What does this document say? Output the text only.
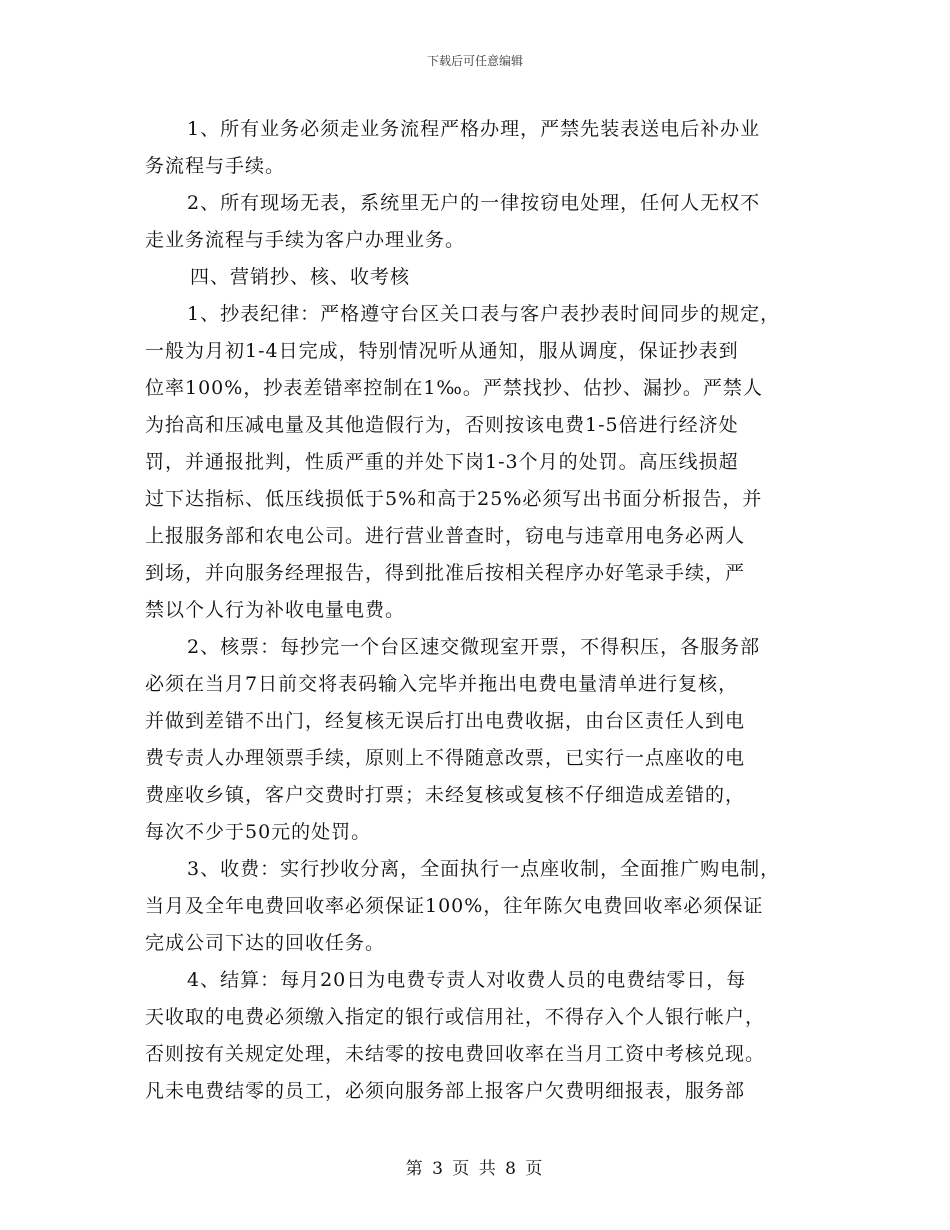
下载后可任意编辑
1、所有业务必须走业务流程严格办理，严禁先装表送电后补办业
务流程与手续。
2、所有现场无表，系统里无户的一律按窃电处理，任何人无权不
走业务流程与手续为客户办理业务。
四、营销抄、核、收考核
1、抄表纪律：严格遵守台区关口表与客户表抄表时间同步的规定，
一般为月初1-4日完成，特别情况听从通知，服从调度，保证抄表到
位率100%，抄表差错率控制在1‰。严禁找抄、估抄、漏抄。严禁人
为抬高和压减电量及其他造假行为，否则按该电费1-5倍进行经济处
罚，并通报批判，性质严重的并处下岗1-3个月的处罚。高压线损超
过下达指标、低压线损低于5%和高于25%必须写出书面分析报告，并
上报服务部和农电公司。进行营业普查时，窃电与违章用电务必两人
到场，并向服务经理报告，得到批准后按相关程序办好笔录手续，严
禁以个人行为补收电量电费。
2、核票：每抄完一个台区速交微现室开票，不得积压，各服务部
必须在当月7日前交将表码输入完毕并拖出电费电量清单进行复核，
并做到差错不出门，经复核无误后打出电费收据，由台区责任人到电
费专责人办理领票手续，原则上不得随意改票，已实行一点座收的电
费座收乡镇，客户交费时打票；未经复核或复核不仔细造成差错的，
每次不少于50元的处罚。
3、收费：实行抄收分离，全面执行一点座收制，全面推广购电制，
当月及全年电费回收率必须保证100%，往年陈欠电费回收率必须保证
完成公司下达的回收任务。
4、结算：每月20日为电费专责人对收费人员的电费结零日，每
天收取的电费必须缴入指定的银行或信用社，不得存入个人银行帐户，
否则按有关规定处理，未结零的按电费回收率在当月工资中考核兑现。
凡未电费结零的员工，必须向服务部上报客户欠费明细报表，服务部
第 3 页 共 8 页
